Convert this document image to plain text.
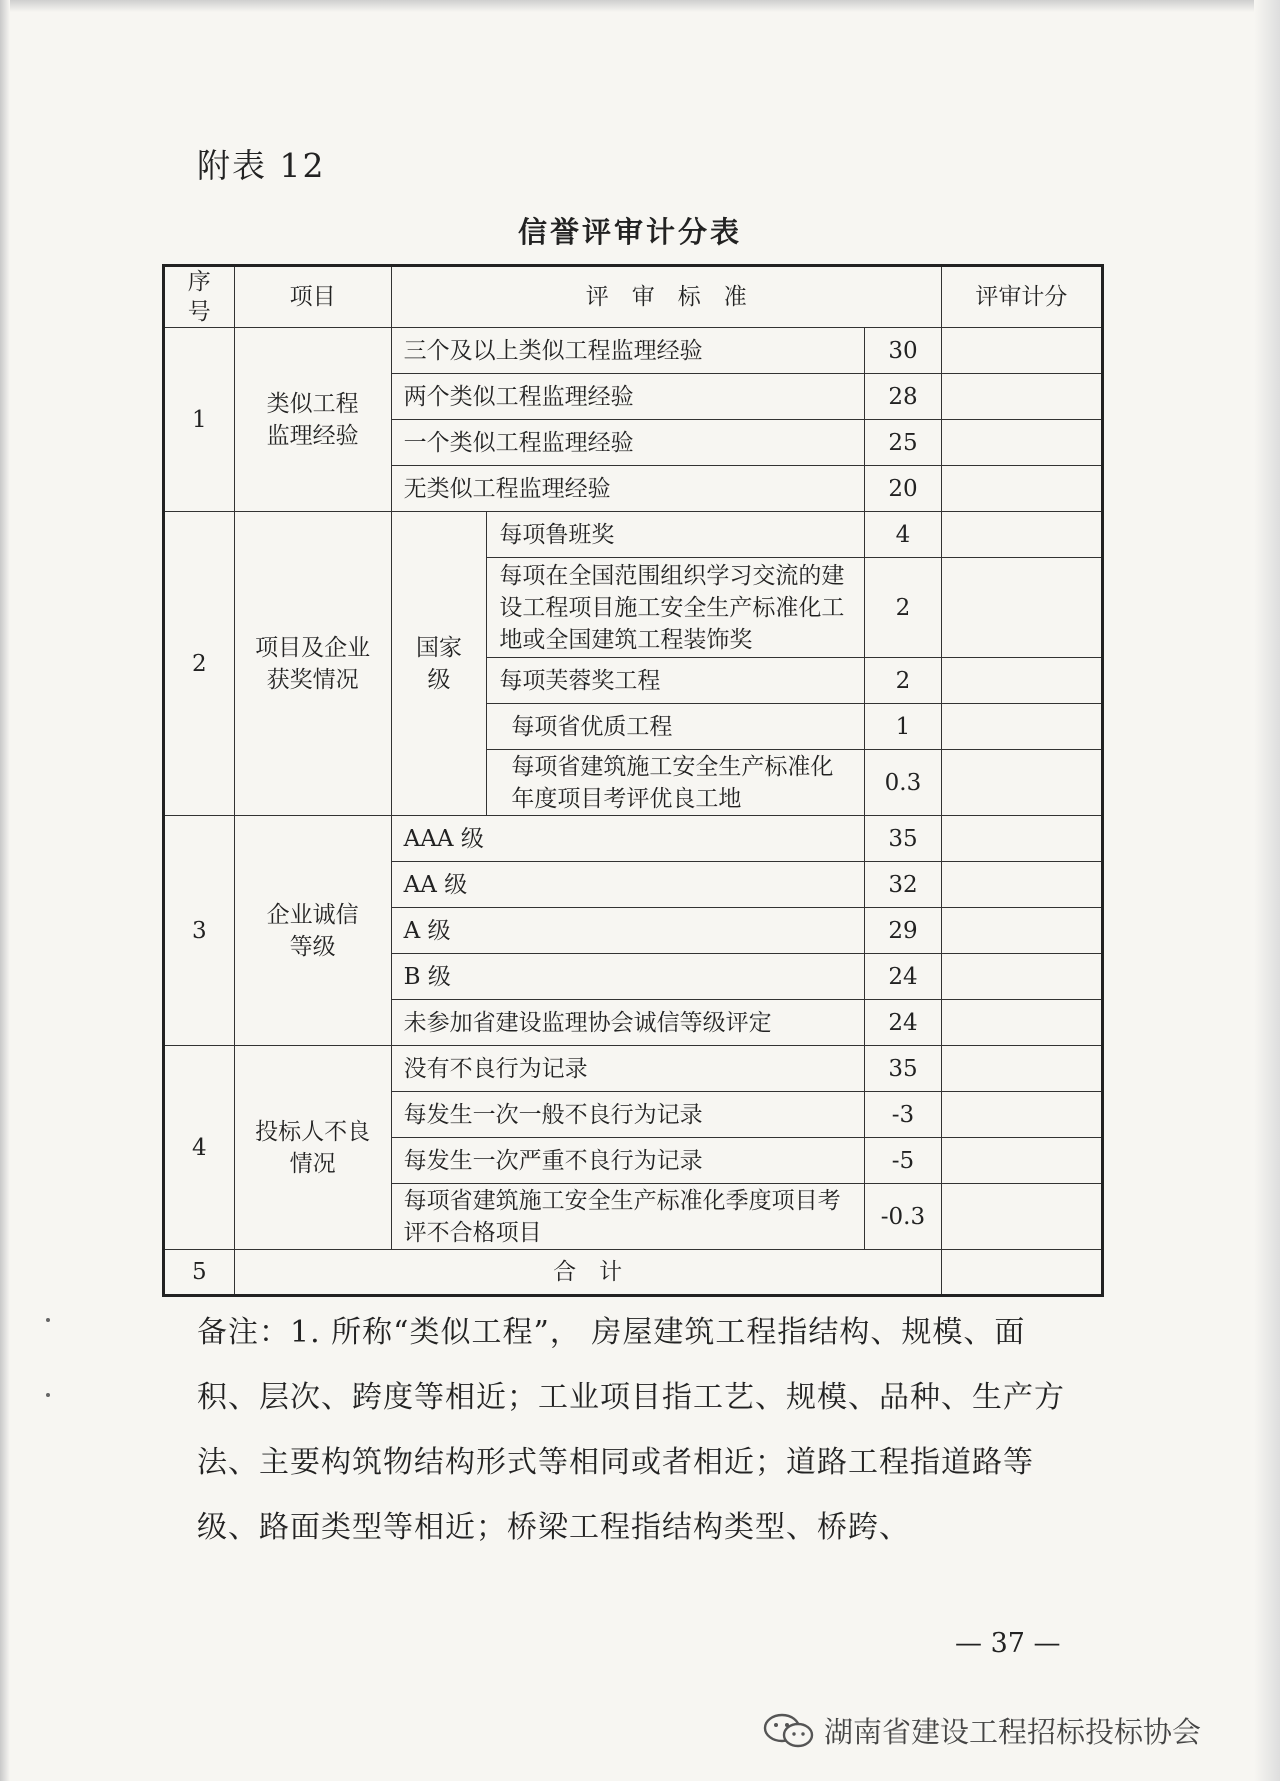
附表 12
信誉评审计分表
序号	项目	评　审　标　准			评审计分
1	类似工程监理经验	三个及以上类似工程监理经验		30	
		两个类似工程监理经验		28	
		一个类似工程监理经验		25	
		无类似工程监理经验		20	
2	项目及企业获奖情况	国家级	每项鲁班奖	4	
			每项在全国范围组织学习交流的建设工程项目施工安全生产标准化工地或全国建筑工程装饰奖	2	
			每项芙蓉奖工程	2	
			每项省优质工程	1	
			每项省建筑施工安全生产标准化年度项目考评优良工地	0.3	
3	企业诚信等级	AAA 级		35	
		AA 级		32	
		A 级		29	
		B 级		24	
		未参加省建设监理协会诚信等级评定		24	
4	投标人不良情况	没有不良行为记录		35	
		每发生一次一般不良行为记录		-3	
		每发生一次严重不良行为记录		-5	
		每项省建筑施工安全生产标准化季度项目考评不合格项目		-0.3	
5	合　计				
备注：1. 所称“类似工程”， 房屋建筑工程指结构、规模、面积、层次、跨度等相近；工业项目指工艺、规模、品种、生产方法、主要构筑物结构形式等相同或者相近；道路工程指道路等级、路面类型等相近；桥梁工程指结构类型、桥跨、
— 37 —
湖南省建设工程招标投标协会
